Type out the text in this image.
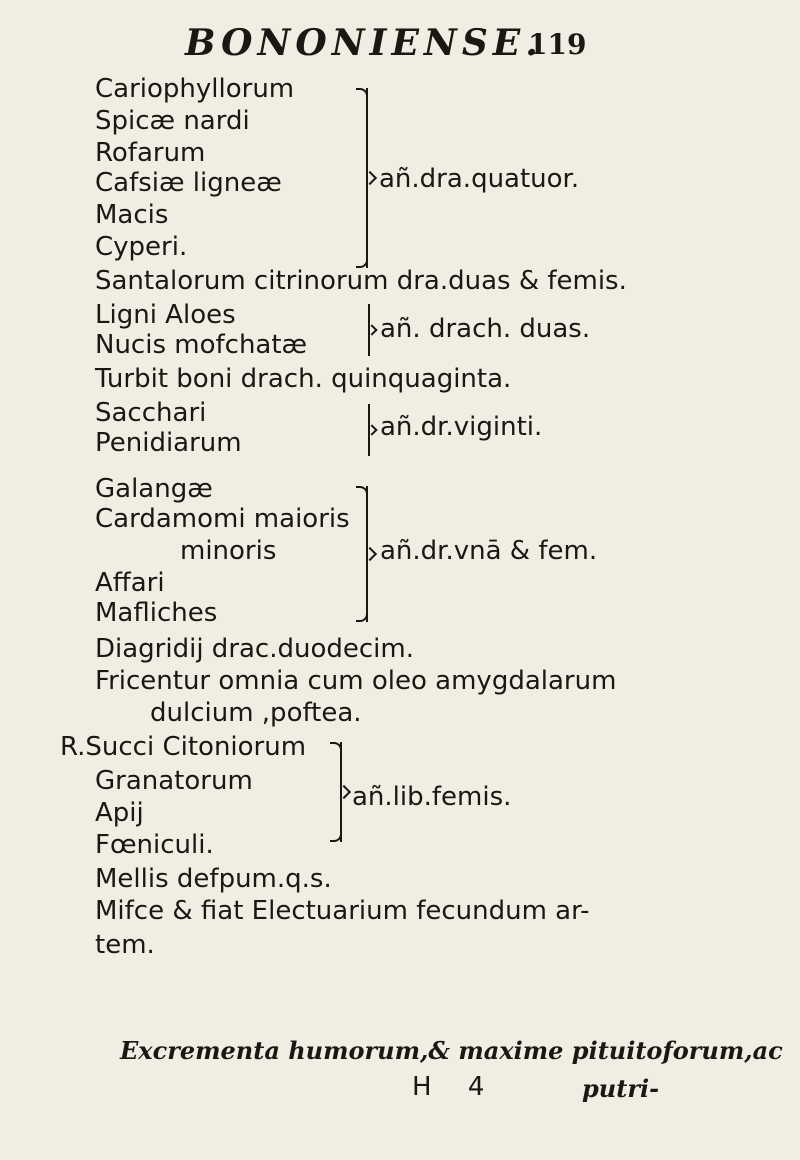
BONONIENSE.
119
Cariophyllorum
Spicæ nardi
Rofarum
Cafsiæ ligneæ
Macis
Cyperi.
añ.dra.quatuor.
Santalorum citrinorum dra.duas & femis.
Ligni Aloes
Nucis mofchatæ
añ. drach. duas.
Turbit boni drach. quinquaginta.
Sacchari
Penidiarum
añ.dr.viginti.
Galangæ
Cardamomi maioris
minoris
Affari
Mafliches
añ.dr.vnā & fem.
Diagridij drac.duodecim.
Fricentur omnia cum oleo amygdalarum
dulcium ,poftea.
R.Succi Citoniorum
Granatorum
Apij
Fœniculi.
añ.lib.femis.
Mellis defpum.q.s.
Mifce & fiat Electuarium fecundum ar-
tem.
Excrementa humorum,& maxime pituitoforum,ac
H 4	putri-
